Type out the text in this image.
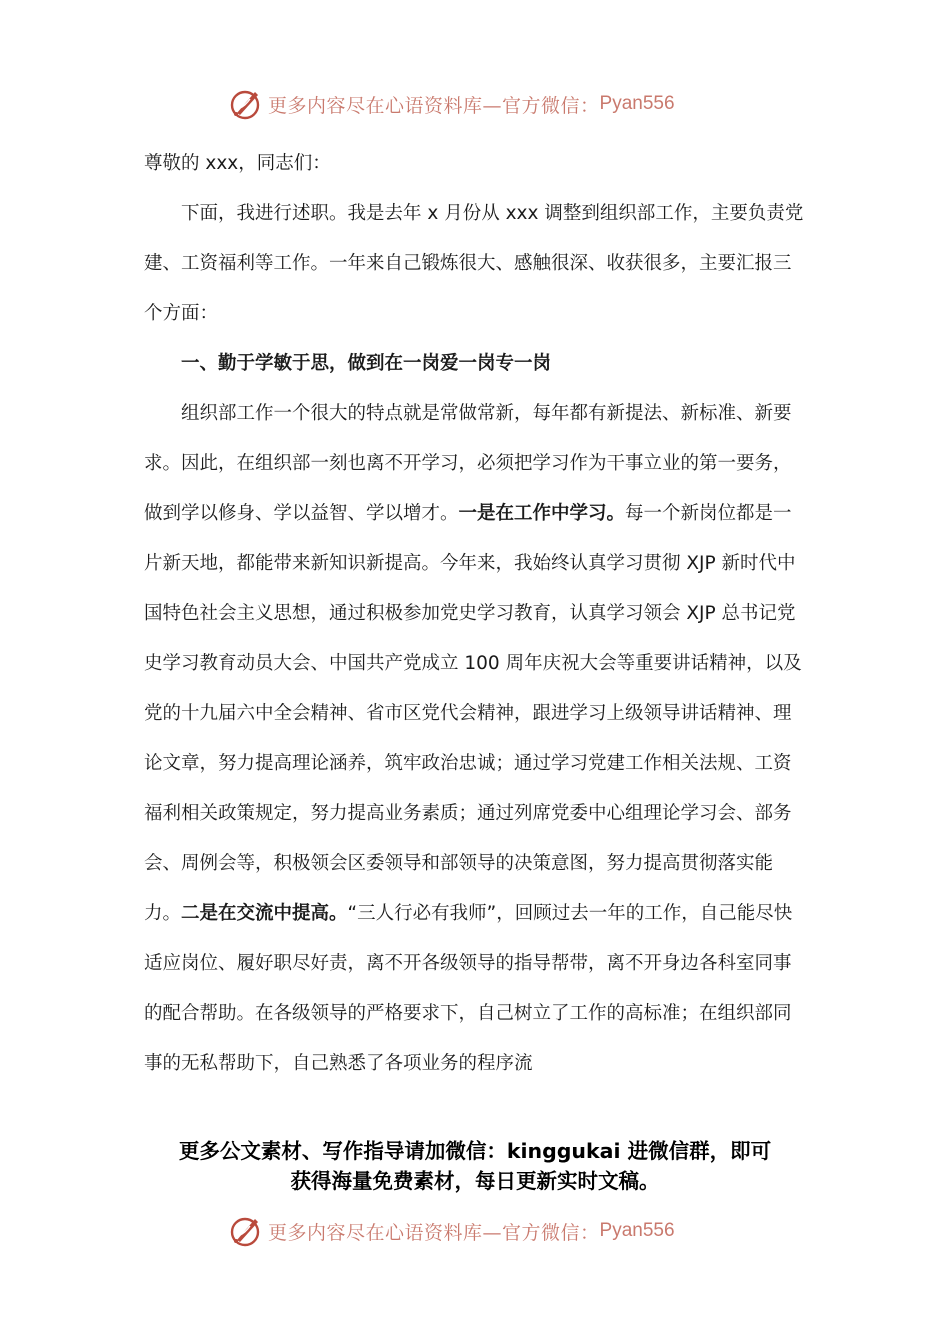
更多内容尽在心语资料库—官方微信： Pyan556

尊敬的 xxx，同志们：

下面，我进行述职。我是去年 x 月份从 xxx 调整到组织部工作，主要负责党建、工资福利等工作。一年来自己锻炼很大、感触很深、收获很多，主要汇报三个方面：

一、勤于学敏于思，做到在一岗爱一岗专一岗

组织部工作一个很大的特点就是常做常新，每年都有新提法、新标准、新要求。因此，在组织部一刻也离不开学习，必须把学习作为干事立业的第一要务，做到学以修身、学以益智、学以增才。一是在工作中学习。每一个新岗位都是一片新天地，都能带来新知识新提高。今年来，我始终认真学习贯彻 XJP 新时代中国特色社会主义思想，通过积极参加党史学习教育，认真学习领会 XJP 总书记党史学习教育动员大会、中国共产党成立 100 周年庆祝大会等重要讲话精神，以及党的十九届六中全会精神、省市区党代会精神，跟进学习上级领导讲话精神、理论文章，努力提高理论涵养，筑牢政治忠诚；通过学习党建工作相关法规、工资福利相关政策规定，努力提高业务素质；通过列席党委中心组理论学习会、部务会、周例会等，积极领会区委领导和部领导的决策意图，努力提高贯彻落实能力。二是在交流中提高。“三人行必有我师”，回顾过去一年的工作，自己能尽快适应岗位、履好职尽好责，离不开各级领导的指导帮带，离不开身边各科室同事的配合帮助。在各级领导的严格要求下，自己树立了工作的高标准；在组织部同事的无私帮助下，自己熟悉了各项业务的程序流

更多公文素材、写作指导请加微信：kinggukai 进微信群，即可
获得海量免费素材，每日更新实时文稿。
更多内容尽在心语资料库—官方微信： Pyan556
